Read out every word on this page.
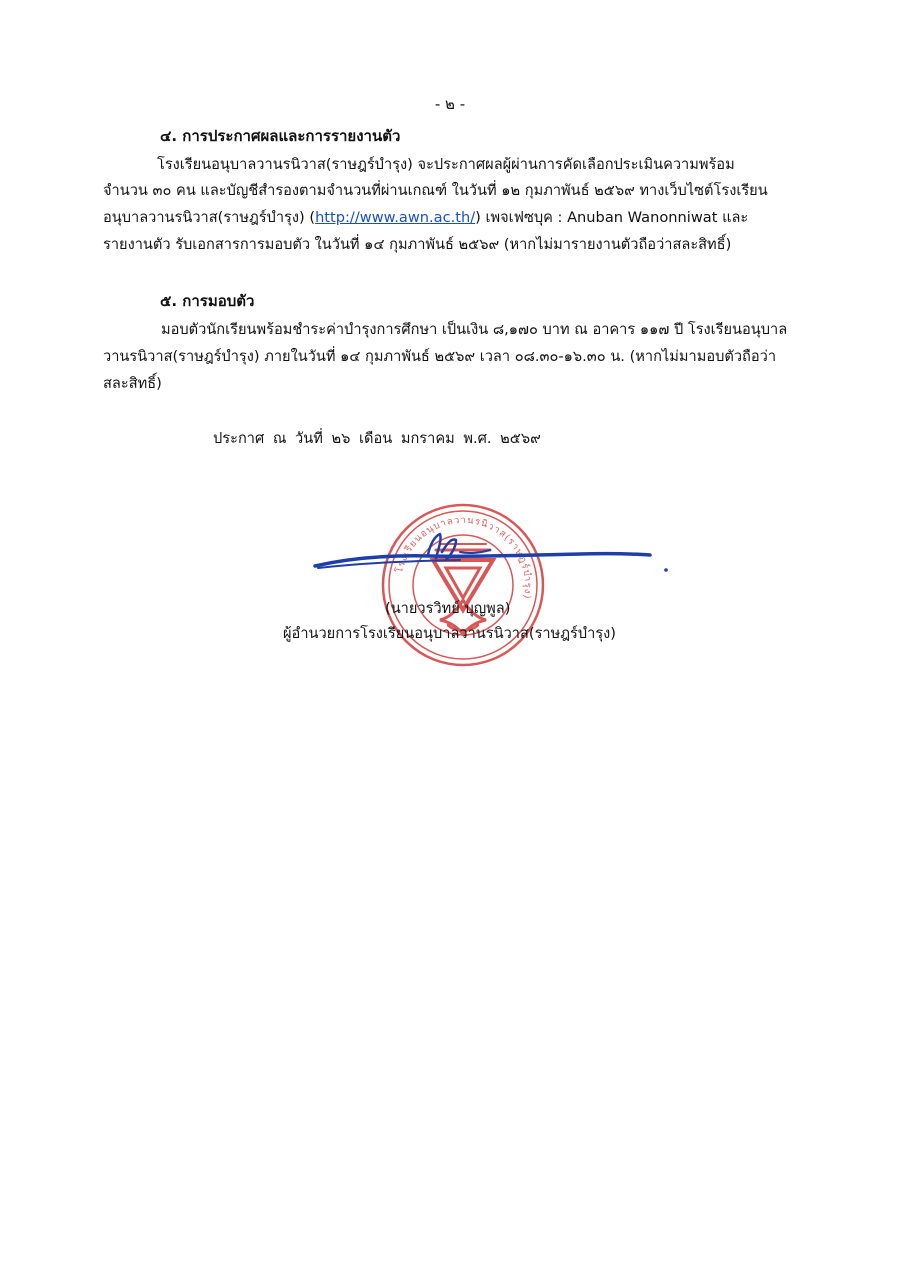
- ๒ -
๔. การประกาศผลและการรายงานตัว
โรงเรียนอนุบาลวานรนิวาส(ราษฎร์บำรุง) จะประกาศผลผู้ผ่านการคัดเลือกประเมินความพร้อม
จำนวน ๓๐ คน และบัญชีสำรองตามจำนวนที่ผ่านเกณฑ์ ในวันที่ ๑๒ กุมภาพันธ์ ๒๕๖๙ ทางเว็บไซต์โรงเรียน
อนุบาลวานรนิวาส(ราษฎร์บำรุง) (http://www.awn.ac.th/) เพจเฟซบุค : Anuban Wanonniwat และ
รายงานตัว รับเอกสารการมอบตัว ในวันที่ ๑๔ กุมภาพันธ์ ๒๕๖๙ (หากไม่มารายงานตัวถือว่าสละสิทธิ์)
๕. การมอบตัว
มอบตัวนักเรียนพร้อมชำระค่าบำรุงการศึกษา เป็นเงิน ๘,๑๗๐ บาท ณ อาคาร ๑๑๗ ปี โรงเรียนอนุบาล
วานรนิวาส(ราษฎร์บำรุง) ภายในวันที่ ๑๔ กุมภาพันธ์ ๒๕๖๙ เวลา ๐๘.๓๐-๑๖.๓๐ น. (หากไม่มามอบตัวถือว่า
สละสิทธิ์)
ประกาศ ณ วันที่ ๒๖ เดือน มกราคม พ.ศ. ๒๕๖๙
โรงเรียนอนุบาลวานรนิวาส(ราษฎร์บำรุง)
(นายวรวิทย์ บุญพูล)
ผู้อำนวยการโรงเรียนอนุบาลวานรนิวาส(ราษฎร์บำรุง)
